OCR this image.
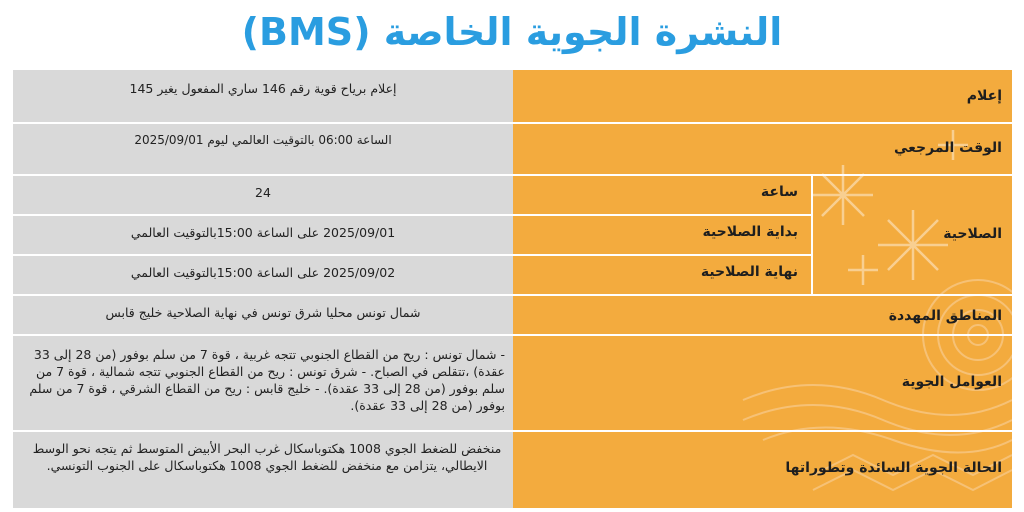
النشرة الجوية الخاصة (BMS)
إعلام
إعلام برياح قوية رقم 146 ساري المفعول يغير 145
الوقت المرجعي
الساعة 06:00 بالتوقيت العالمي ليوم 2025/09/01
الصلاحية
ساعة
24
بداية الصلاحية
2025/09/01 على الساعة 15:00بالتوقيت العالمي
نهاية الصلاحية
2025/09/02 على الساعة 15:00بالتوقيت العالمي
المناطق المهددة
شمال تونس محليا شرق تونس في نهاية الصلاحية خليج قابس
العوامل الجوية
- شمال تونس : ريح من القطاع الجنوبي تتجه غربية ، قوة 7 من سلم بوفور (من 28 إلى 33 عقدة) ،تتقلص في الصباح. - شرق تونس : ريح من القطاع الجنوبي تتجه شمالية ، قوة 7 من سلم بوفور (من 28 إلى 33 عقدة). - خليج قابس : ريح من القطاع الشرقي ، قوة 7 من سلم بوفور (من 28 إلى 33 عقدة).
الحالة الجوية السائدة وتطوراتها
منخفض للضغط الجوي 1008 هكتوباسكال غرب البحر الأبيض المتوسط ثم يتجه نحو الوسط الايطالي، يتزامن مع منخفض للضغط الجوي 1008 هكتوباسكال على الجنوب التونسي.
